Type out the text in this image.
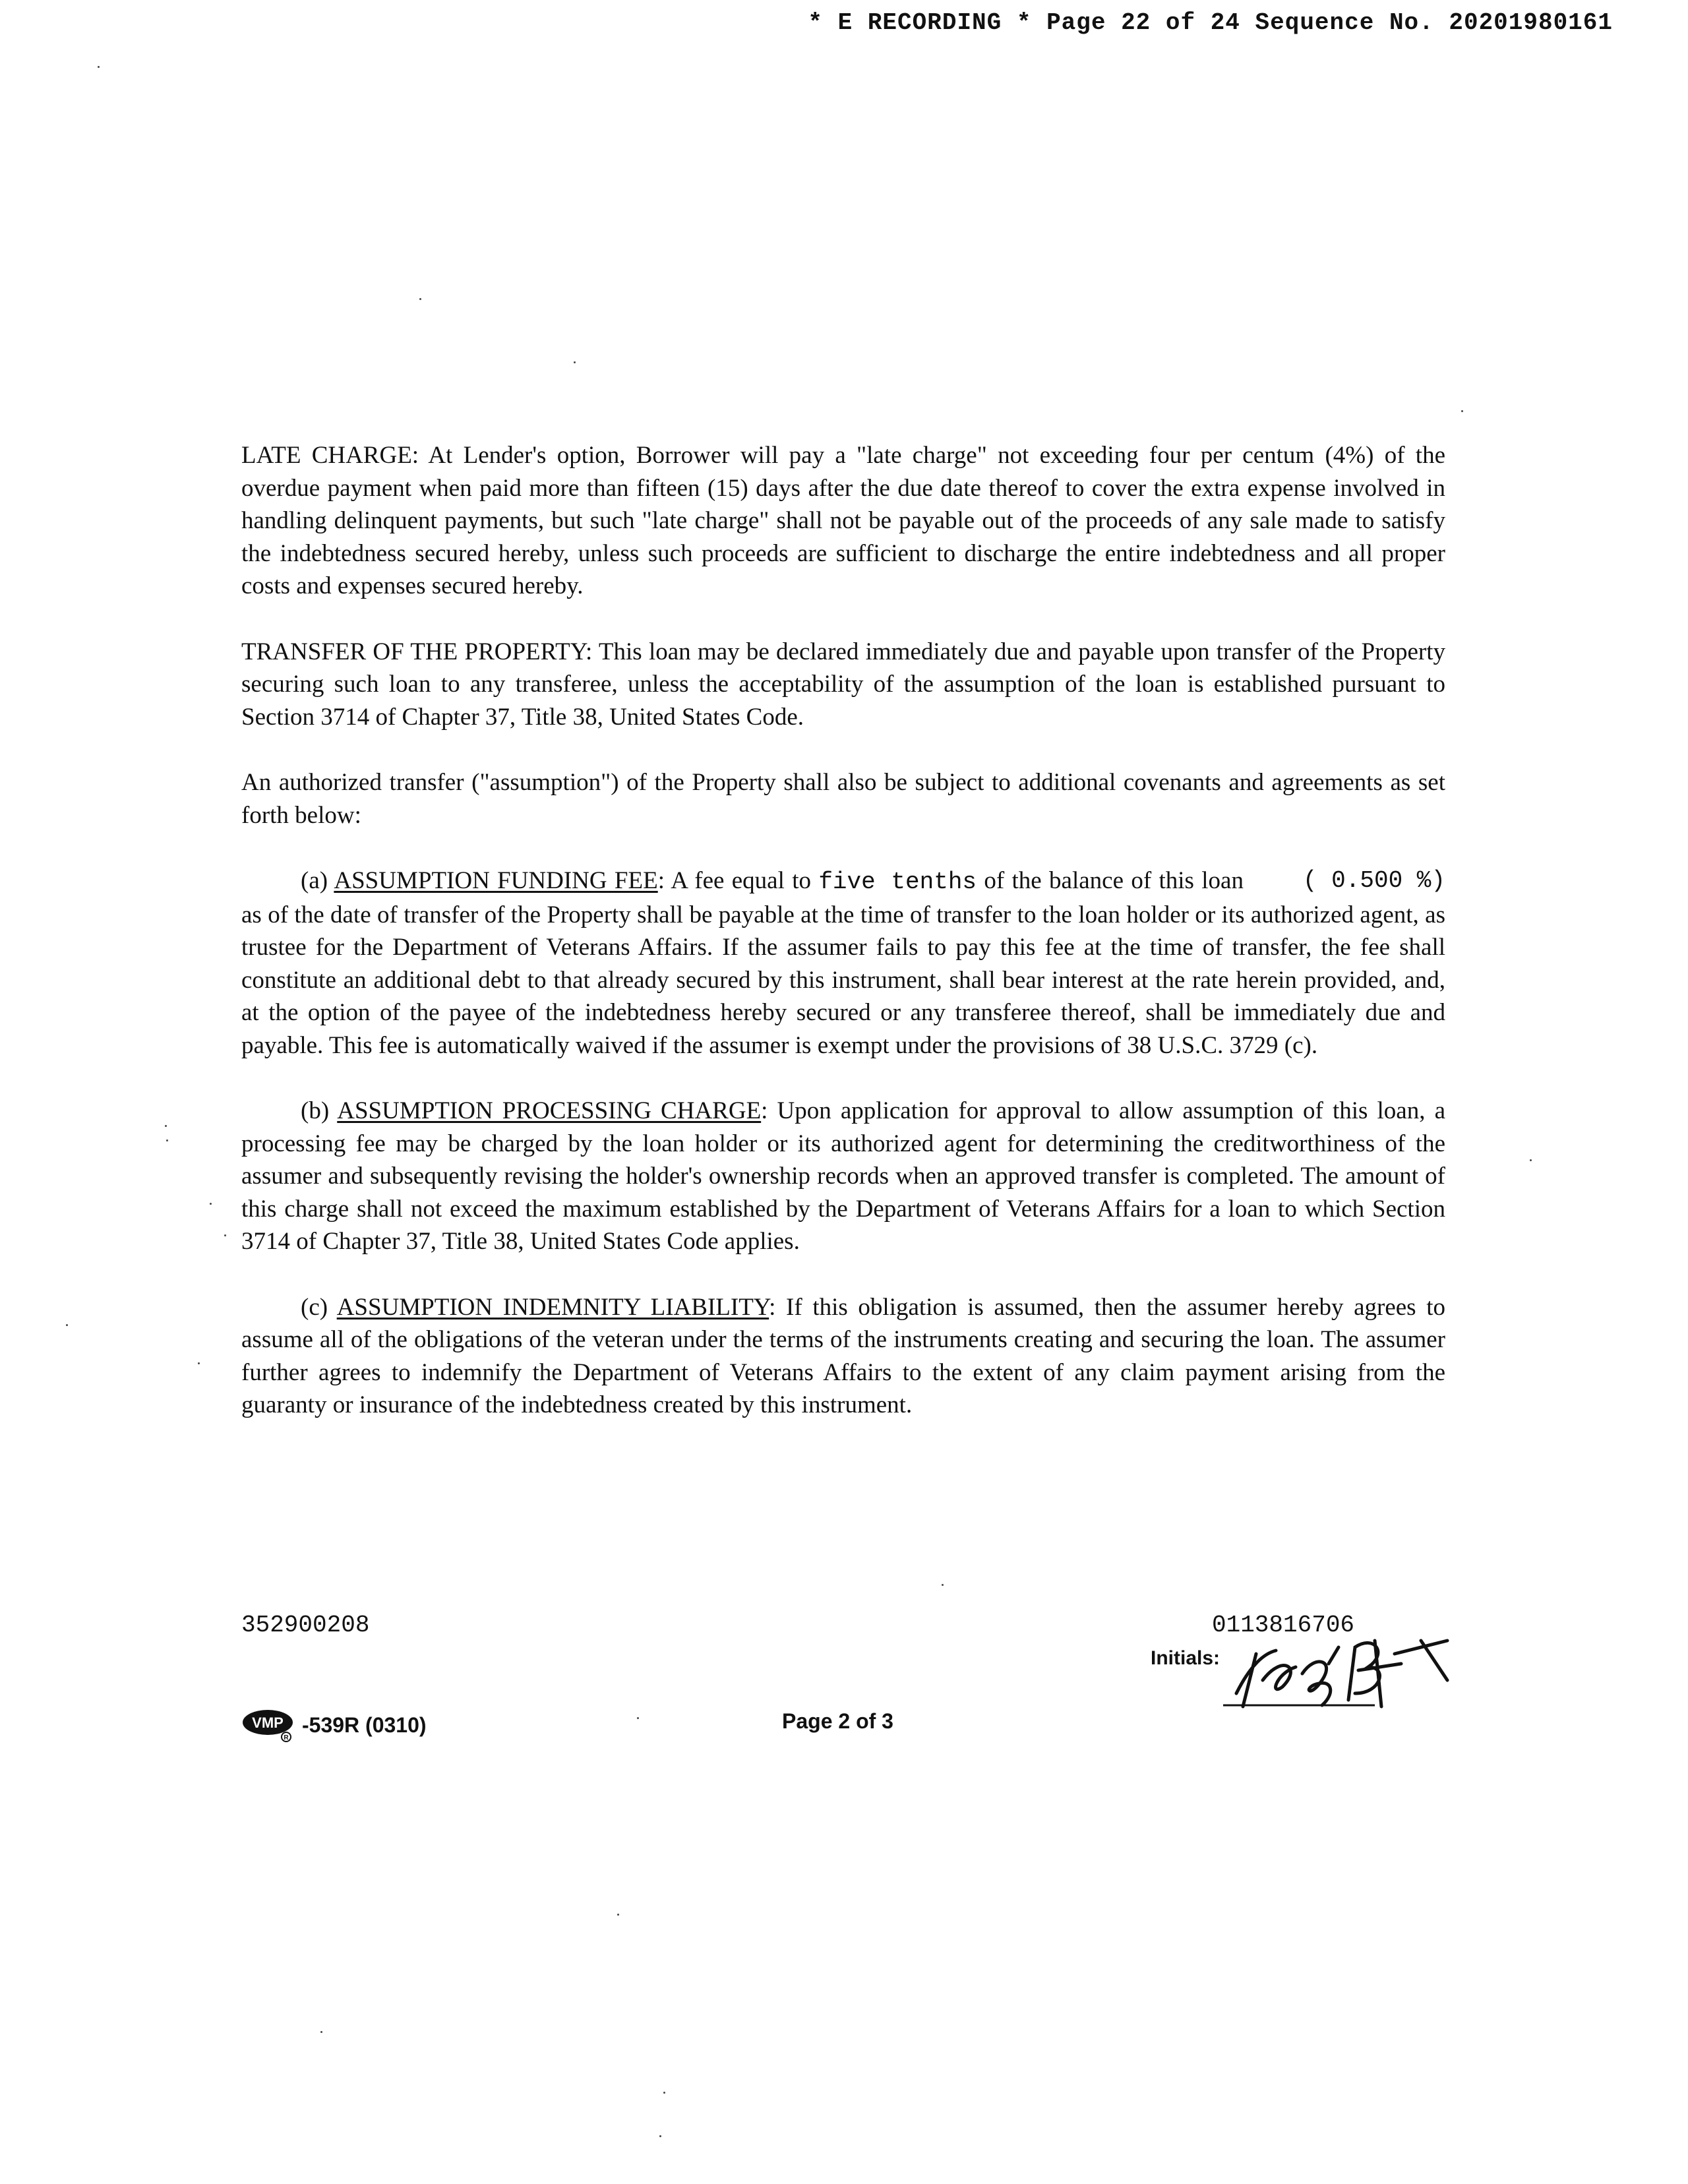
* E RECORDING * Page 22 of 24 Sequence No. 20201980161

LATE CHARGE: At Lender's option, Borrower will pay a "late charge" not exceeding four per centum (4%) of the overdue payment when paid more than fifteen (15) days after the due date thereof to cover the extra expense involved in handling delinquent payments, but such "late charge" shall not be payable out of the proceeds of any sale made to satisfy the indebtedness secured hereby, unless such proceeds are sufficient to discharge the entire indebtedness and all proper costs and expenses secured hereby.

TRANSFER OF THE PROPERTY: This loan may be declared immediately due and payable upon transfer of the Property securing such loan to any transferee, unless the acceptability of the assumption of the loan is established pursuant to Section 3714 of Chapter 37, Title 38, United States Code.

An authorized transfer ("assumption") of the Property shall also be subject to additional covenants and agreements as set forth below:

(a) ASSUMPTION FUNDING FEE: A fee equal to five tenths	( 0.500 %)
of the balance of this loan as of the date of transfer of the Property shall be payable at the time of transfer to the loan holder or its authorized agent, as trustee for the Department of Veterans Affairs. If the assumer fails to pay this fee at the time of transfer, the fee shall constitute an additional debt to that already secured by this instrument, shall bear interest at the rate herein provided, and, at the option of the payee of the indebtedness hereby secured or any transferee thereof, shall be immediately due and payable. This fee is automatically waived if the assumer is exempt under the provisions of 38 U.S.C. 3729 (c).

(b) ASSUMPTION PROCESSING CHARGE: Upon application for approval to allow assumption of this loan, a processing fee may be charged by the loan holder or its authorized agent for determining the creditworthiness of the assumer and subsequently revising the holder's ownership records when an approved transfer is completed. The amount of this charge shall not exceed the maximum established by the Department of Veterans Affairs for a loan to which Section 3714 of Chapter 37, Title 38, United States Code applies.

(c) ASSUMPTION INDEMNITY LIABILITY: If this obligation is assumed, then the assumer hereby agrees to assume all of the obligations of the veteran under the terms of the instruments creating and securing the loan. The assumer further agrees to indemnify the Department of Veterans Affairs to the extent of any claim payment arising from the guaranty or insurance of the indebtedness created by this instrument.

352900208	0113816706
Initials:
VMP
R
-539R (0310)	Page 2 of 3
